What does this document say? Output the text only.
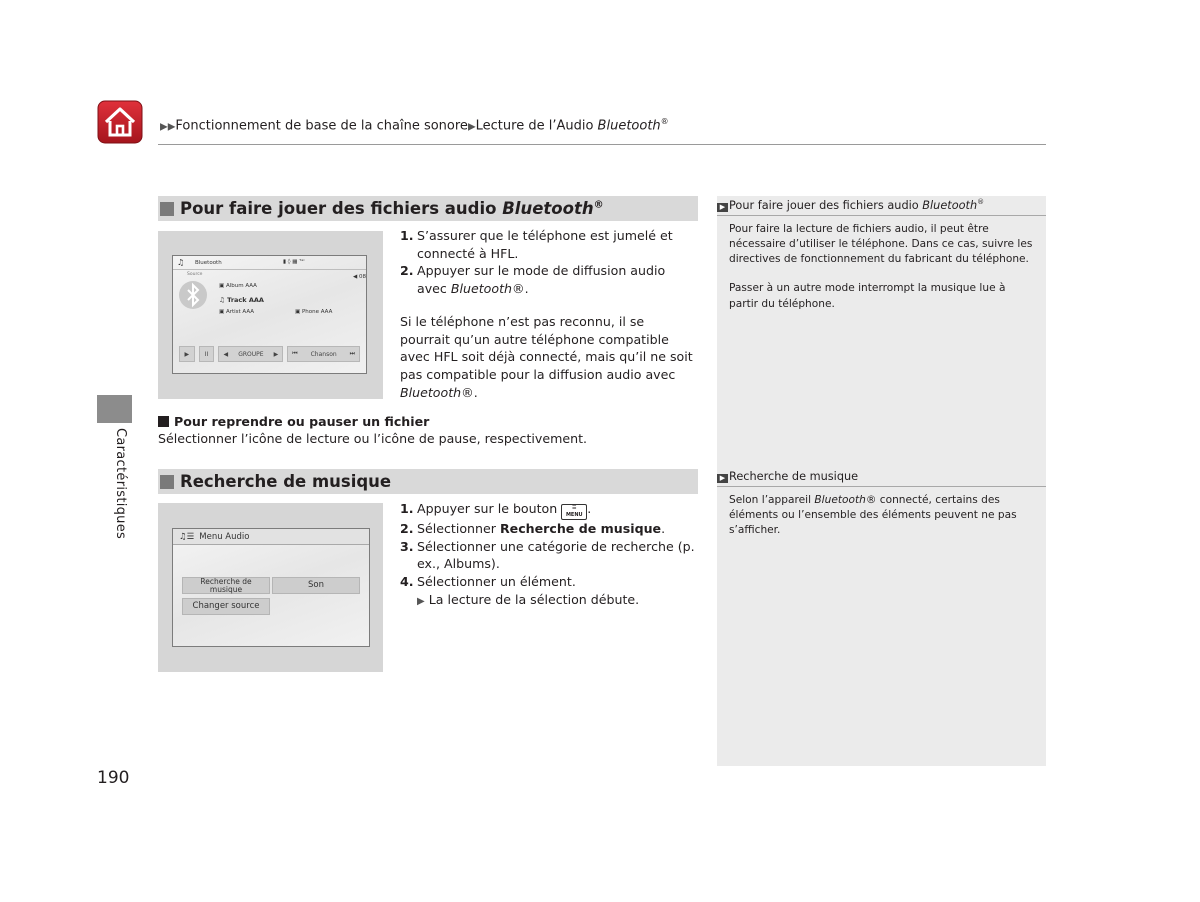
▶▶Fonctionnement de base de la chaîne sonore▶Lecture de l’Audio Bluetooth®
Caractéristiques
Pour faire jouer des fichiers audio Bluetooth®
♫ Bluetooth	▮ ◊ ▦ ᵀᵃˡ
Source	◀ 08
▣ Album AAA
♫ Track AAA
▣ Artist AAA	▣ Phone AAA
▶	II	◀ GROUPE ▶ ⏮ Chanson ⏭
1. S’assurer que le téléphone est jumelé et connecté à HFL.
2. Appuyer sur le mode de diffusion audio avec Bluetooth®.
Si le téléphone n’est pas reconnu, il se pourrait qu’un autre téléphone compatible avec HFL soit déjà connecté, mais qu’il ne soit pas compatible pour la diffusion audio avec Bluetooth®.
Pour reprendre ou pauser un fichier
Sélectionner l’icône de lecture ou l’icône de pause, respectivement.
Recherche de musique
♫☰ Menu Audio
Recherche de
musique	Son
Changer source
1. Appuyer sur le bouton ☰
MENU .
2. Sélectionner Recherche de musique.
3. Sélectionner une catégorie de recherche (p. ex., Albums).
4. Sélectionner un élément.
▶ La lecture de la sélection débute.
▶ Pour faire jouer des fichiers audio Bluetooth®

Pour faire la lecture de fichiers audio, il peut être nécessaire d’utiliser le téléphone. Dans ce cas, suivre les directives de fonctionnement du fabricant du téléphone.

Passer à un autre mode interrompt la musique lue à partir du téléphone.

▶ Recherche de musique

Selon l’appareil Bluetooth® connecté, certains des éléments ou l’ensemble des éléments peuvent ne pas s’afficher.

190
